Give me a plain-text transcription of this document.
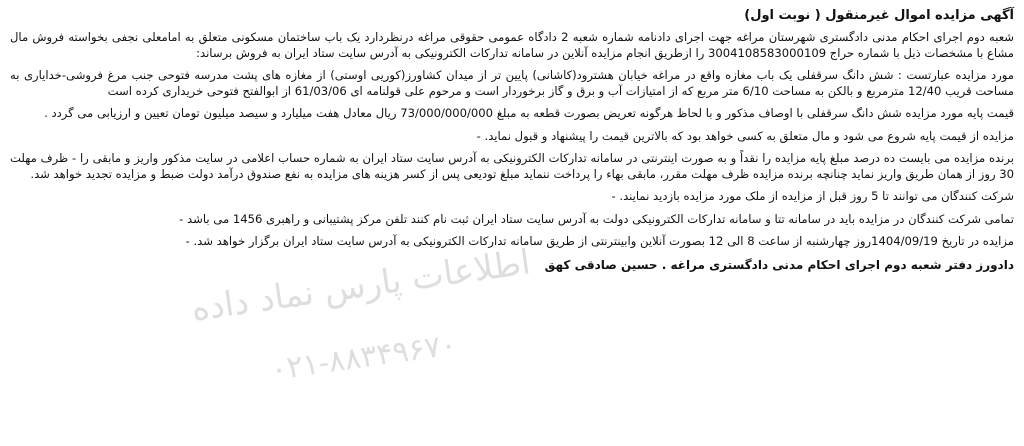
آگهی مزایده اموال غیرمنقول ( نوبت اول)

شعبه دوم اجرای احکام مدنی دادگستری شهرستان مراغه جهت اجرای دادنامه شماره شعبه 2 دادگاه عمومی حقوقی مراغه درنظردارد یک باب ساختمان مسکونی متعلق به امامعلی نجفی بخواسته فروش مال مشاع با مشخصات ذیل با شماره حراج 3004108583000109 را ازطریق انجام مزایده آنلاین در سامانه تدارکات الکترونیکی به آدرس سایت ستاد ایران به فروش برساند:

مورد مزایده عبارتست : شش دانگ سرقفلی یک باب مغازه واقع در مراغه خیابان هشترود(کاشانی) پایین تر از میدان کشاورز(کوریی اوستی) از مغازه های پشت مدرسه فتوحی جنب مرغ فروشی-خدایاری به مساحت قریب 12/40 مترمربع و بالکن به مساحت 6/10 متر مربع که از امتیازات آب و برق و گاز برخوردار است و مرحوم علی قولنامه ای 61/03/06 از ابوالفتح فتوحی خریداری کرده است

قیمت پایه مورد مزایده شش دانگ سرقفلی با اوصاف مذکور و با لحاظ هرگونه تعریض بصورت قطعه به مبلغ 73/000/000/000 ریال معادل هفت میلیارد و سیصد میلیون تومان تعیین و ارزیابی می گردد .

مزایده از قیمت پایه شروع می شود و مال متعلق به کسی خواهد بود که بالاترین قیمت را پیشنهاد و قبول نماید. -

برنده مزایده می بایست ده درصد مبلغ پایه مزایده را نقداً و به صورت اینترنتی در سامانه تدارکات الکترونیکی به آدرس سایت ستاد ایران به شماره حساب اعلامی در سایت مذکور واریز و مابقی را - ظرف مهلت 30 روز از همان طریق واریز نماید چنانچه برنده مزایده ظرف مهلت مقرر، مابقی بهاء را پرداخت ننماید مبلغ تودیعی پس از کسر هزینه های مزایده به نفع صندوق درآمد دولت ضبط و مزایده تجدید خواهد شد.

شرکت کنندگان می توانند تا 5 روز قبل از مزایده از ملک مورد مزایده بازدید نمایند. -

تمامی شرکت کنندگان در مزایده باید در سامانه تتا و سامانه تدارکات الکترونیکی دولت به آدرس سایت ستاد ایران ثبت نام کنند تلفن مرکز پشتیبانی و راهبری 1456 می باشد -

مزایده در تاریخ 1404/09/19روز چهارشنبه از ساعت 8 الی 12 بصورت آنلاین وابینترنتی از طریق سامانه تدارکات الکترونیکی به آدرس سایت ستاد ایران برگزار خواهد شد. -

دادورز دفتر شعبه دوم اجرای احکام مدنی دادگستری مراغه . حسین صادقی کهق
اطلاعات پارس نماد داده
۰۲۱-۸۸۳۴۹۶۷۰
